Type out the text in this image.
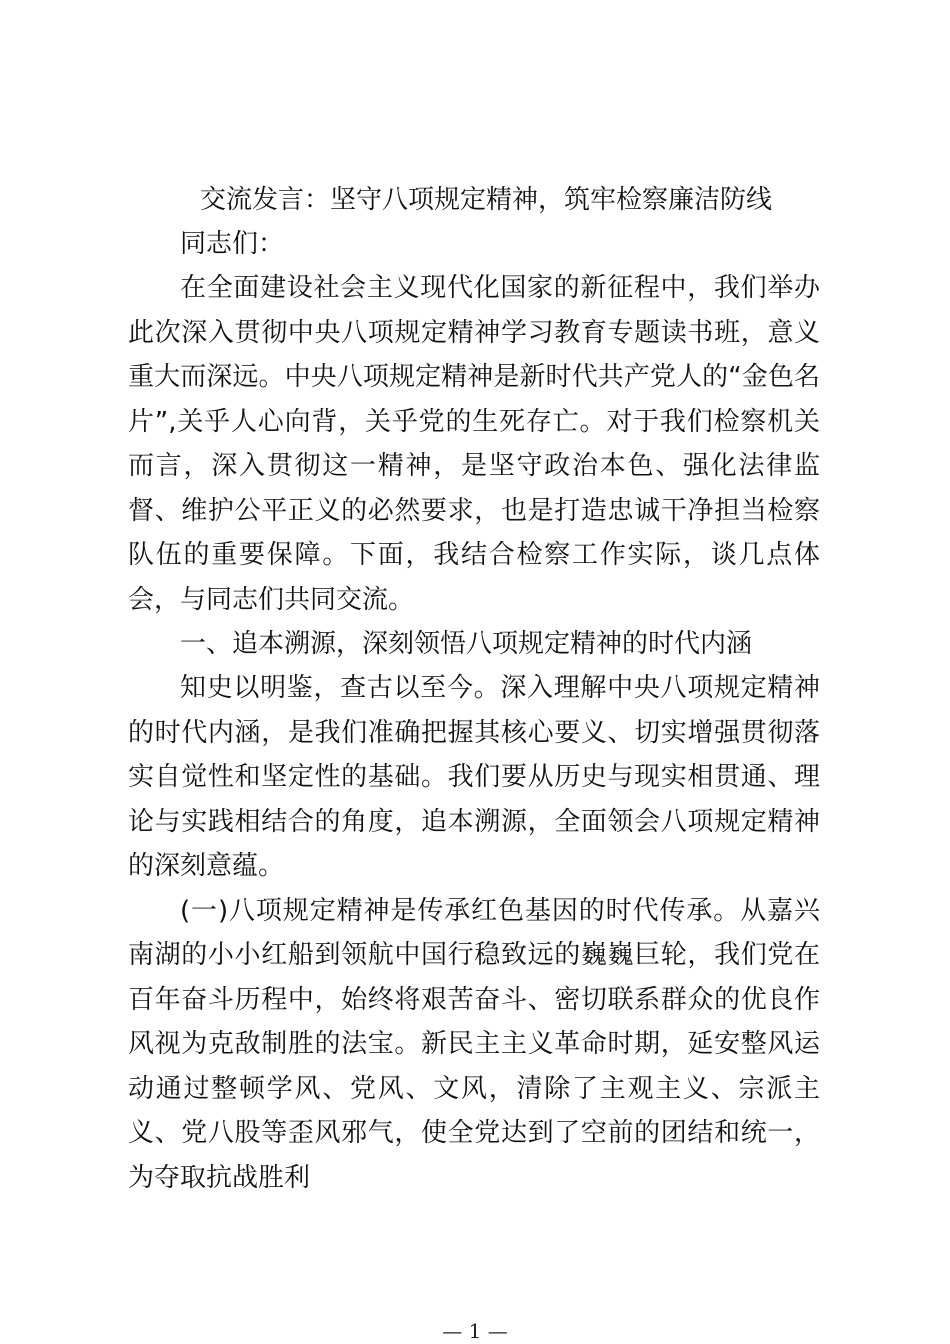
交流发言：坚守八项规定精神，筑牢检察廉洁防线

同志们：

在全面建设社会主义现代化国家的新征程中，我们举办此次深入贯彻中央八项规定精神学习教育专题读书班，意义重大而深远。中央八项规定精神是新时代共产党人的“金色名片”,关乎人心向背，关乎党的生死存亡。对于我们检察机关而言，深入贯彻这一精神，是坚守政治本色、强化法律监督、维护公平正义的必然要求，也是打造忠诚干净担当检察队伍的重要保障。下面，我结合检察工作实际，谈几点体会，与同志们共同交流。

一、追本溯源，深刻领悟八项规定精神的时代内涵

知史以明鉴，查古以至今。深入理解中央八项规定精神的时代内涵，是我们准确把握其核心要义、切实增强贯彻落实自觉性和坚定性的基础。我们要从历史与现实相贯通、理论与实践相结合的角度，追本溯源，全面领会八项规定精神的深刻意蕴。

(一)八项规定精神是传承红色基因的时代传承。从嘉兴南湖的小小红船到领航中国行稳致远的巍巍巨轮，我们党在百年奋斗历程中，始终将艰苦奋斗、密切联系群众的优良作风视为克敌制胜的法宝。新民主主义革命时期，延安整风运动通过整顿学风、党风、文风，清除了主观主义、宗派主义、党八股等歪风邪气，使全党达到了空前的团结和统一，为夺取抗战胜利

— 1 —
